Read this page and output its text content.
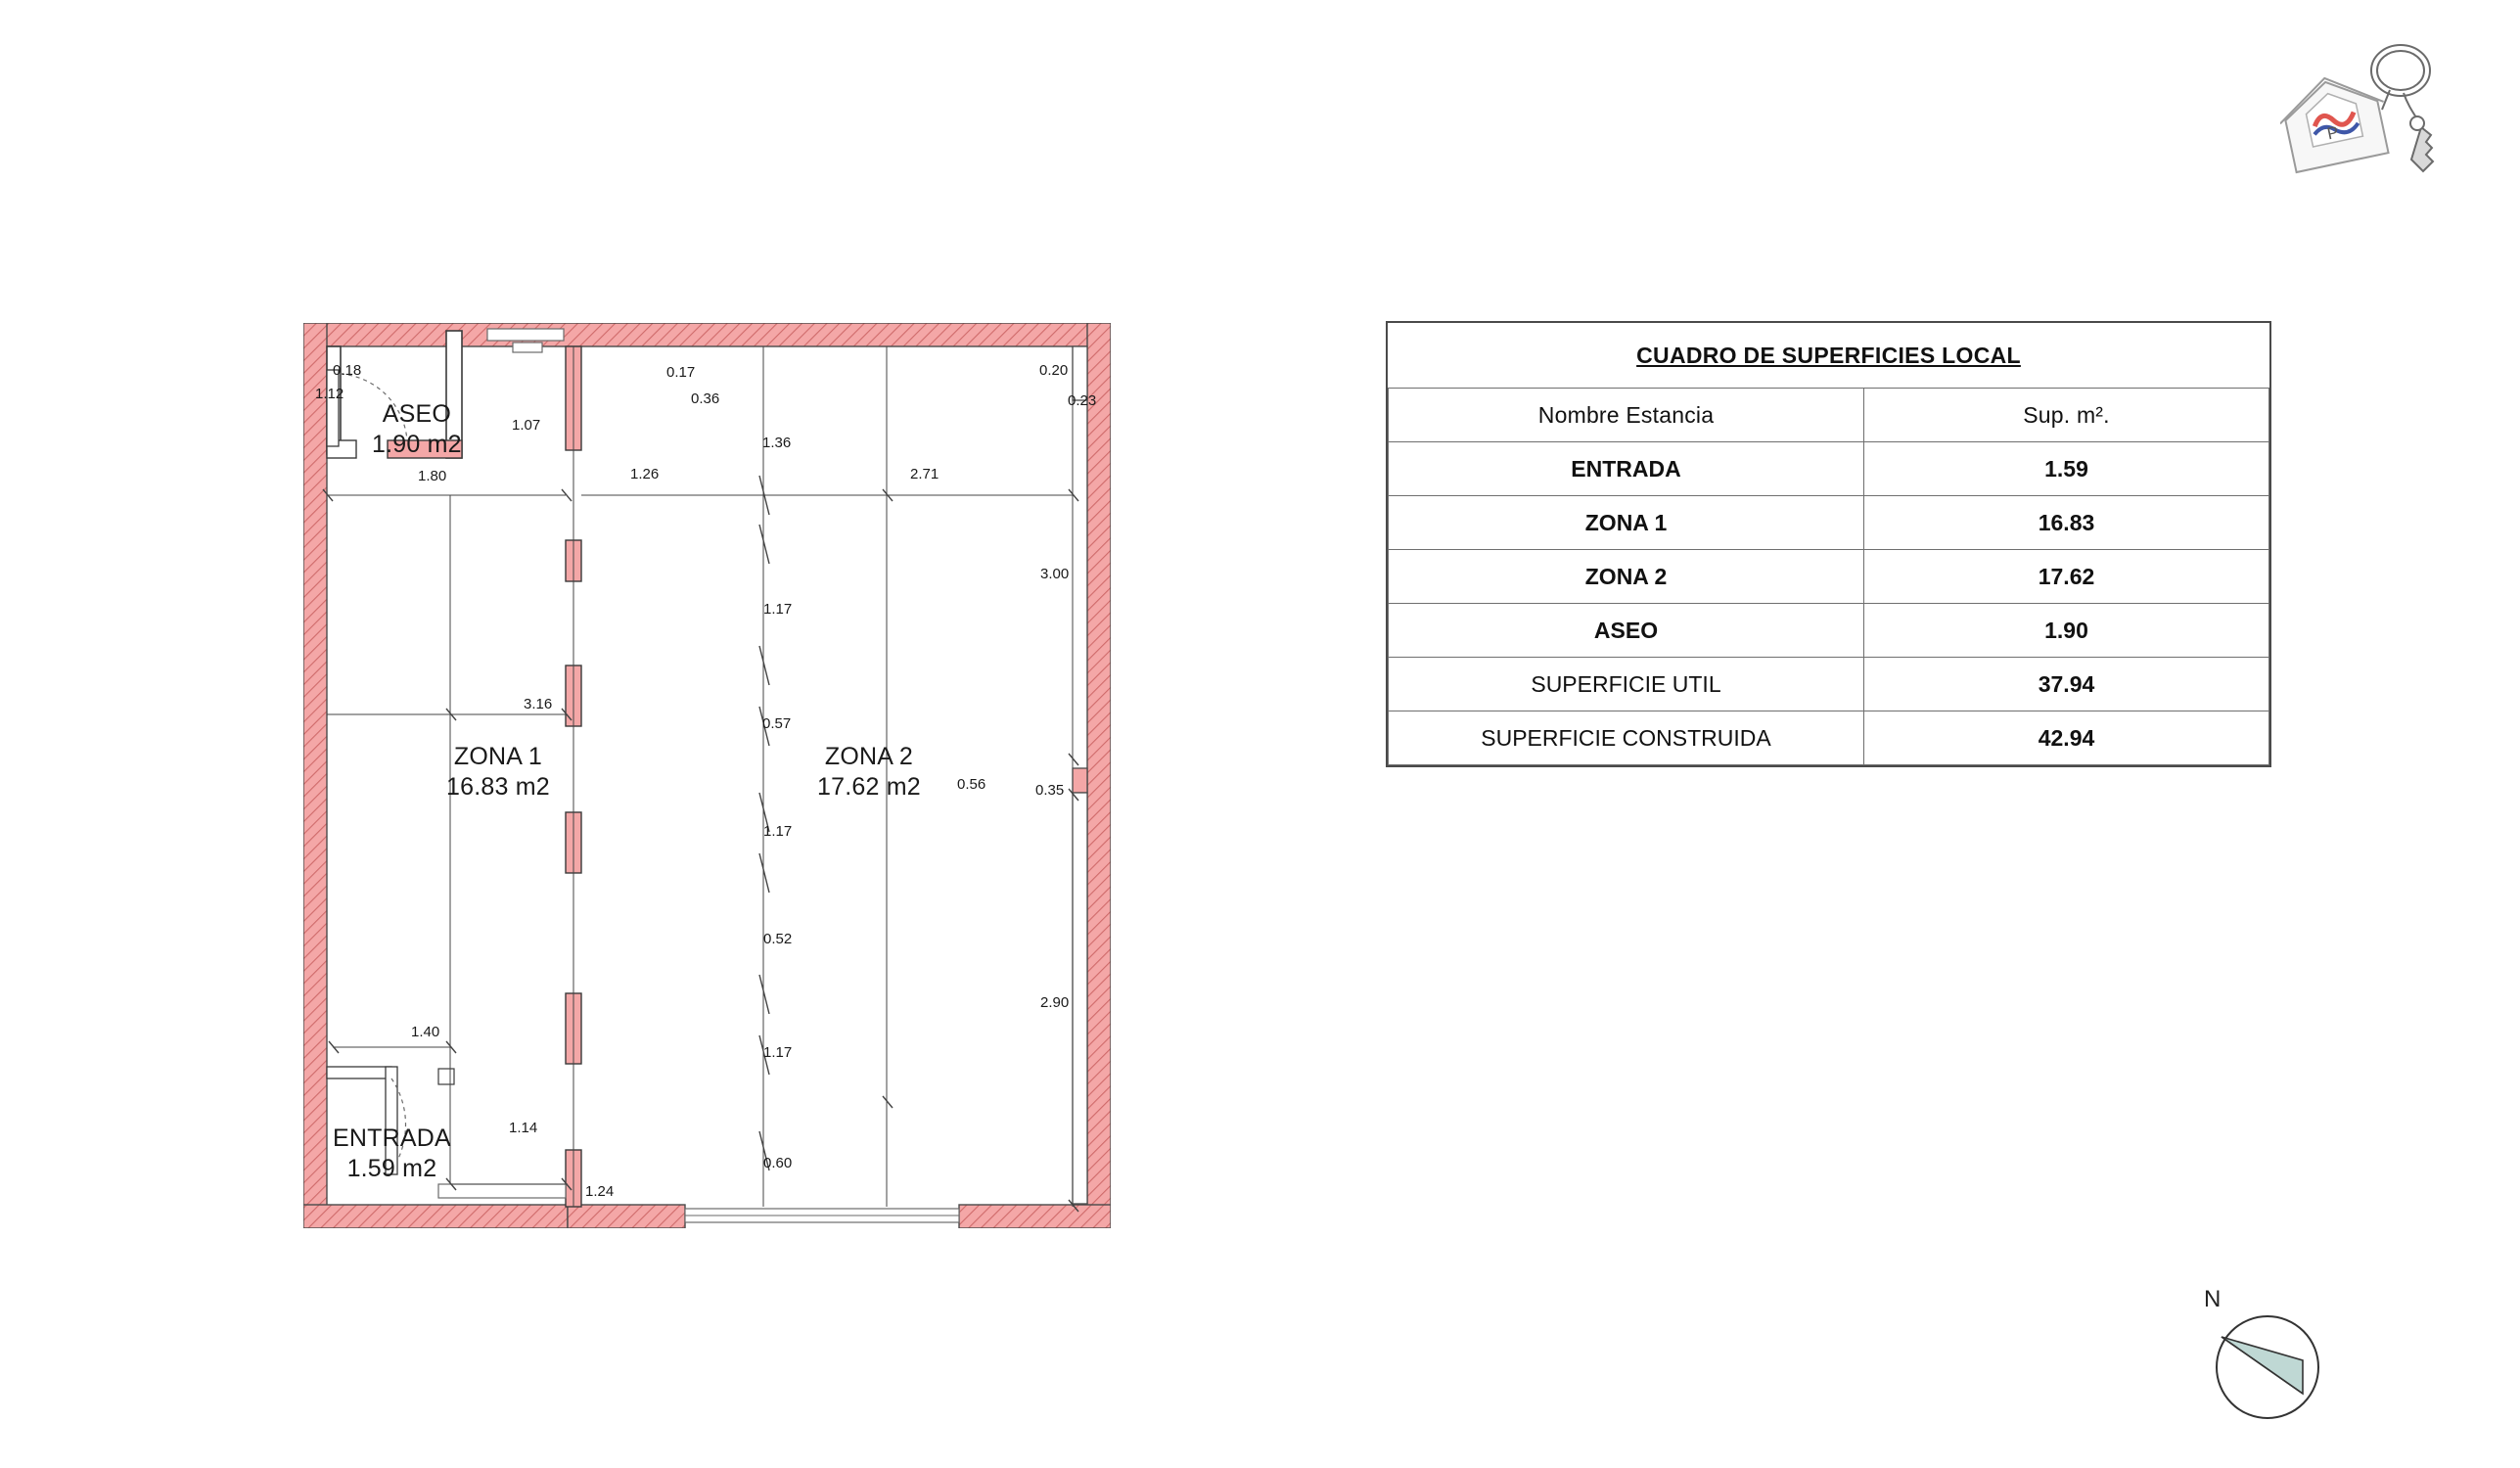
ASEO
1.90 m2
ZONA 1
16.83 m2
ZONA 2
17.62 m2
ENTRADA
1.59 m2
0.18
1.12
1.07
1.80	1.26
0.17
0.36
1.36
2.71
0.20
0.23
3.00
1.17
3.16
0.57
0.56	0.35
1.17
0.52
2.90
1.40
1.17
1.14
0.60
1.24
CUADRO DE SUPERFICIES LOCAL	
Nombre Estancia	Sup. m².
ENTRADA	1.59
ZONA 1	16.83
ZONA 2	17.62
ASEO	1.90
SUPERFICIE UTIL	37.94
SUPERFICIE CONSTRUIDA	42.94
N
P
